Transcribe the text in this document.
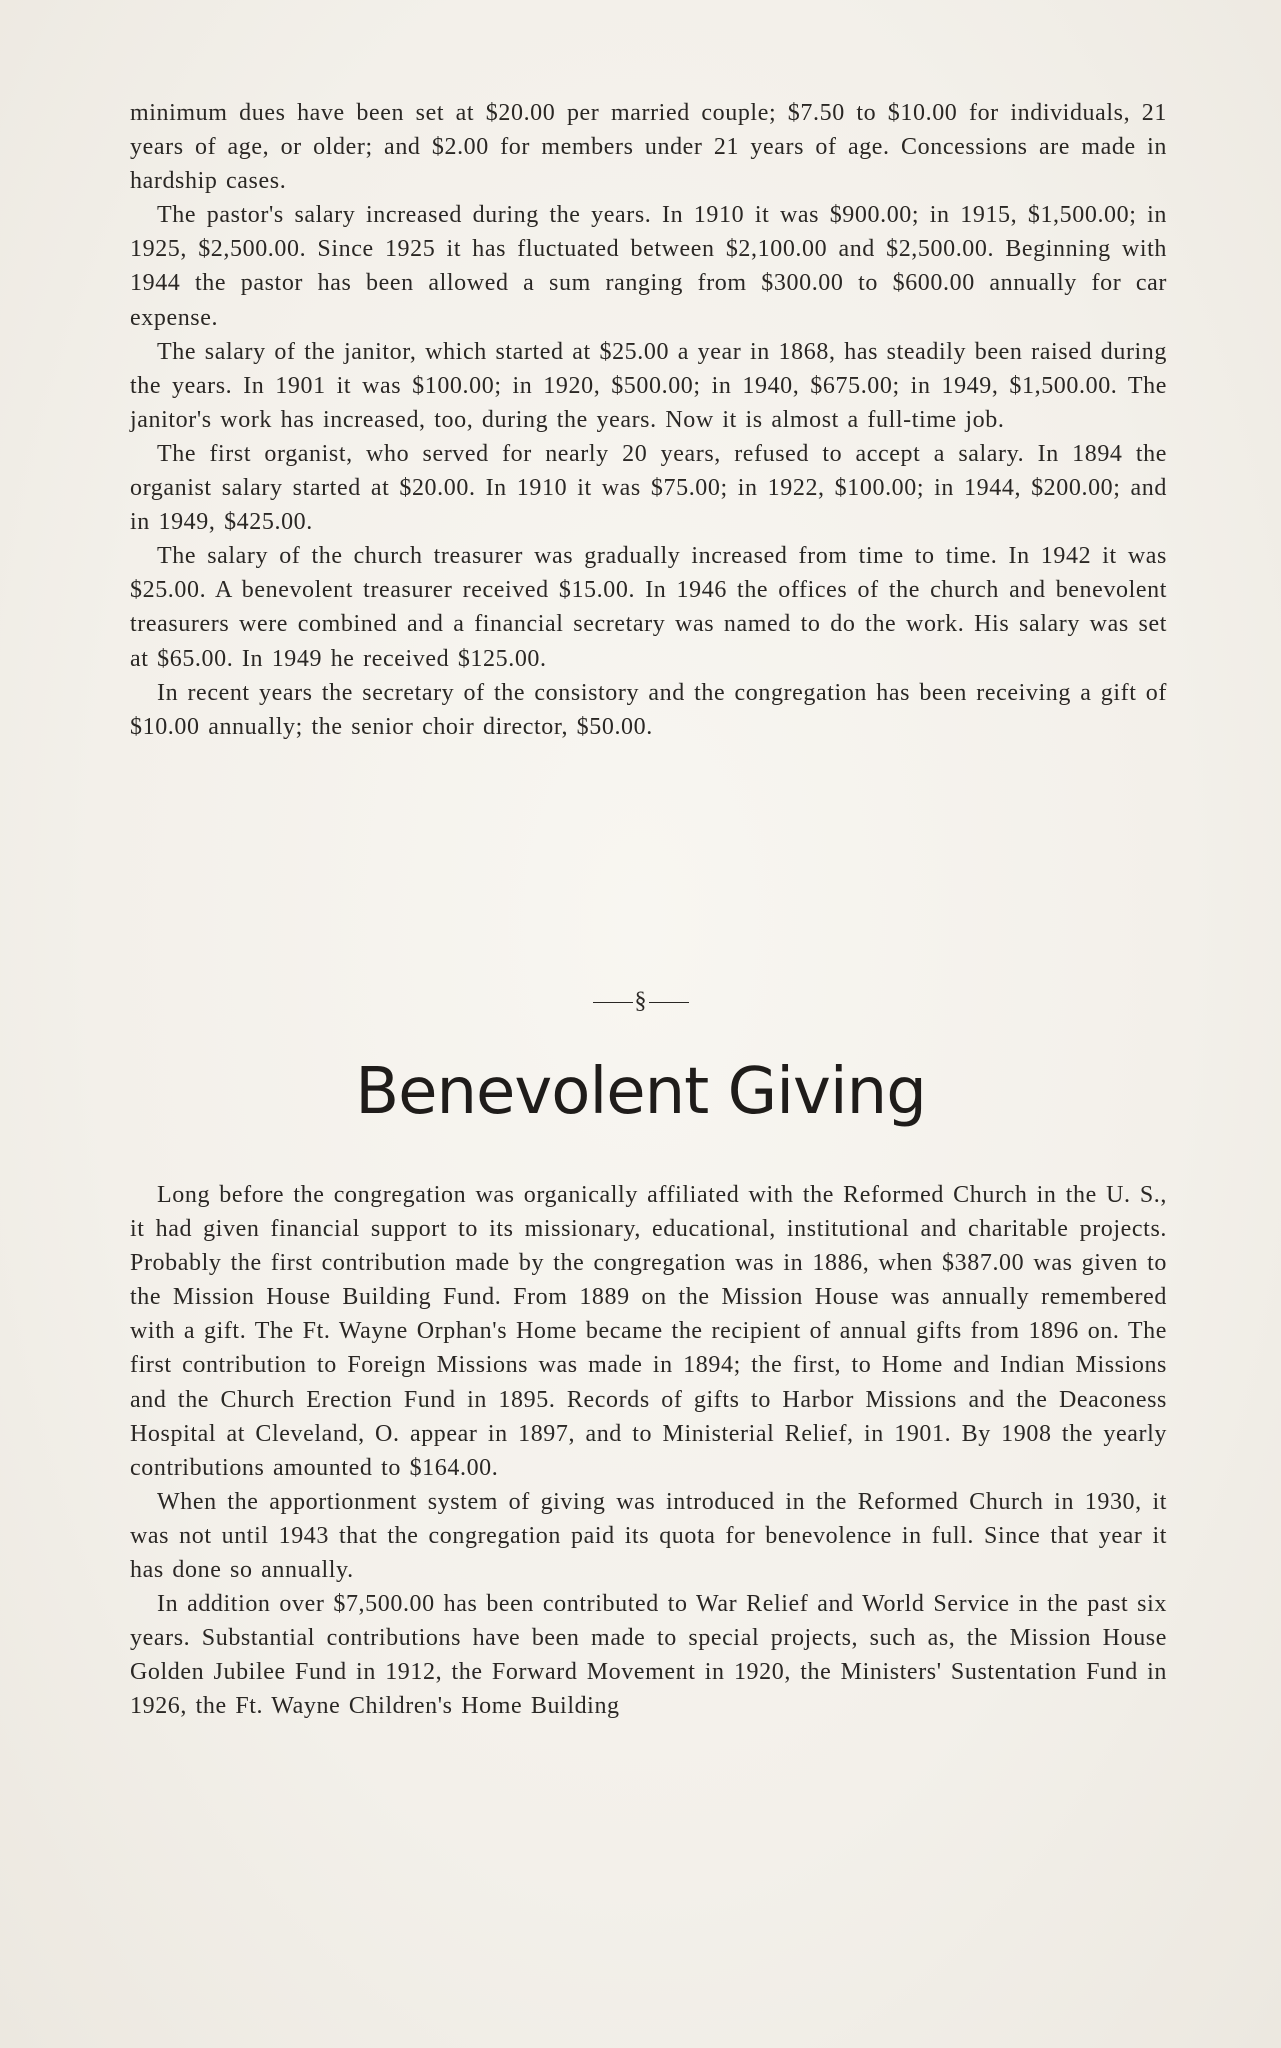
minimum dues have been set at $20.00 per married couple; $7.50 to $10.00 for individuals, 21 years of age, or older; and $2.00 for members under 21 years of age. Concessions are made in hardship cases.

The pastor's salary increased during the years. In 1910 it was $900.00; in 1915, $1,500.00; in 1925, $2,500.00. Since 1925 it has fluctuated between $2,100.00 and $2,500.00. Beginning with 1944 the pastor has been allowed a sum ranging from $300.00 to $600.00 annually for car expense.

The salary of the janitor, which started at $25.00 a year in 1868, has steadily been raised during the years. In 1901 it was $100.00; in 1920, $500.00; in 1940, $675.00; in 1949, $1,500.00. The janitor's work has increased, too, during the years. Now it is almost a full-time job.

The first organist, who served for nearly 20 years, refused to accept a salary. In 1894 the organist salary started at $20.00. In 1910 it was $75.00; in 1922, $100.00; in 1944, $200.00; and in 1949, $425.00.

The salary of the church treasurer was gradually increased from time to time. In 1942 it was $25.00. A benevolent treasurer received $15.00. In 1946 the offices of the church and benevolent treasurers were combined and a financial secretary was named to do the work. His salary was set at $65.00. In 1949 he received $125.00.

In recent years the secretary of the consistory and the congregation has been receiving a gift of $10.00 annually; the senior choir director, $50.00.

§
Benevolent Giving

Long before the congregation was organically affiliated with the Reformed Church in the U. S., it had given financial support to its missionary, educational, institutional and charitable projects. Probably the first contribution made by the congregation was in 1886, when $387.00 was given to the Mission House Building Fund. From 1889 on the Mission House was annually remembered with a gift. The Ft. Wayne Orphan's Home became the recipient of annual gifts from 1896 on. The first contribution to Foreign Missions was made in 1894; the first, to Home and Indian Missions and the Church Erection Fund in 1895. Records of gifts to Harbor Missions and the Deaconess Hospital at Cleveland, O. appear in 1897, and to Ministerial Relief, in 1901. By 1908 the yearly contributions amounted to $164.00.

When the apportionment system of giving was introduced in the Reformed Church in 1930, it was not until 1943 that the congregation paid its quota for benevolence in full. Since that year it has done so annually.

In addition over $7,500.00 has been contributed to War Relief and World Service in the past six years. Substantial contributions have been made to special projects, such as, the Mission House Golden Jubilee Fund in 1912, the Forward Movement in 1920, the Ministers' Sustentation Fund in 1926, the Ft. Wayne Children's Home Building
